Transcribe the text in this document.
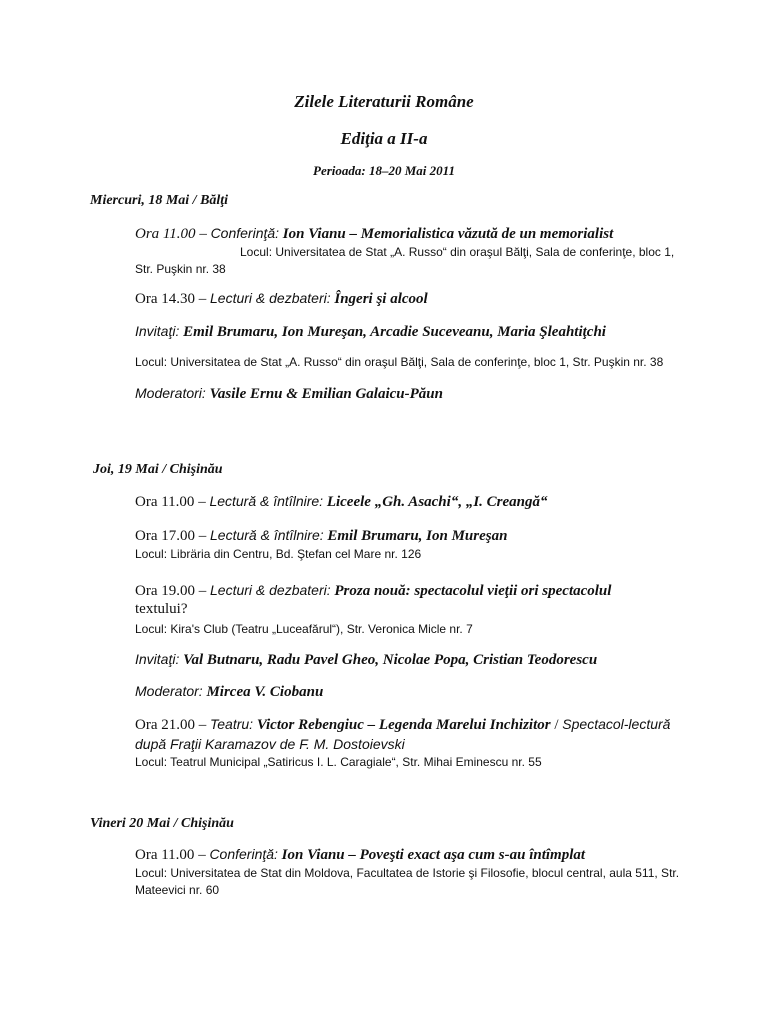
Zilele Literaturii Române
Ediţia a II-a
Perioada: 18–20 Mai 2011
Miercuri, 18 Mai / Bălţi
Ora 11.00 – Conferinţă: Ion Vianu – Memorialistica văzută de un memorialist
Locul: Universitatea de Stat „A. Russo“ din oraşul Bălţi, Sala de conferinţe, bloc 1,
Str. Puşkin nr. 38
Ora 14.30 – Lecturi & dezbateri: Îngeri şi alcool
Invitaţi: Emil Brumaru, Ion Mureşan, Arcadie Suceveanu, Maria Şleahtiţchi
Locul: Universitatea de Stat „A. Russo“ din oraşul Bălţi, Sala de conferinţe, bloc 1, Str. Puşkin nr. 38
Moderatori: Vasile Ernu & Emilian Galaicu-Păun
Joi, 19 Mai / Chişinău
Ora 11.00 – Lectură & întîlnire: Liceele „Gh. Asachi“, „I. Creangă“
Ora 17.00 – Lectură & întîlnire: Emil Brumaru, Ion Mureşan
Locul: Libräria din Centru, Bd. Ştefan cel Mare nr. 126
Ora 19.00 – Lecturi & dezbateri: Proza nouă: spectacolul vieţii ori spectacolul
textului?
Locul: Kira's Club (Teatru „Luceafărul“), Str. Veronica Micle nr. 7
Invitaţi: Val Butnaru, Radu Pavel Gheo, Nicolae Popa, Cristian Teodorescu
Moderator: Mircea V. Ciobanu
Ora 21.00 – Teatru: Victor Rebengiuc – Legenda Marelui Inchizitor / Spectacol-lectură
după Fraţii Karamazov de F. M. Dostoievski
Locul: Teatrul Municipal „Satiricus I. L. Caragiale“, Str. Mihai Eminescu nr. 55
Vineri 20 Mai / Chişinău
Ora 11.00 – Conferinţă: Ion Vianu – Poveşti exact aşa cum s-au întîmplat
Locul: Universitatea de Stat din Moldova, Facultatea de Istorie şi Filosofie, blocul central, aula 511, Str.
Mateevici nr. 60
